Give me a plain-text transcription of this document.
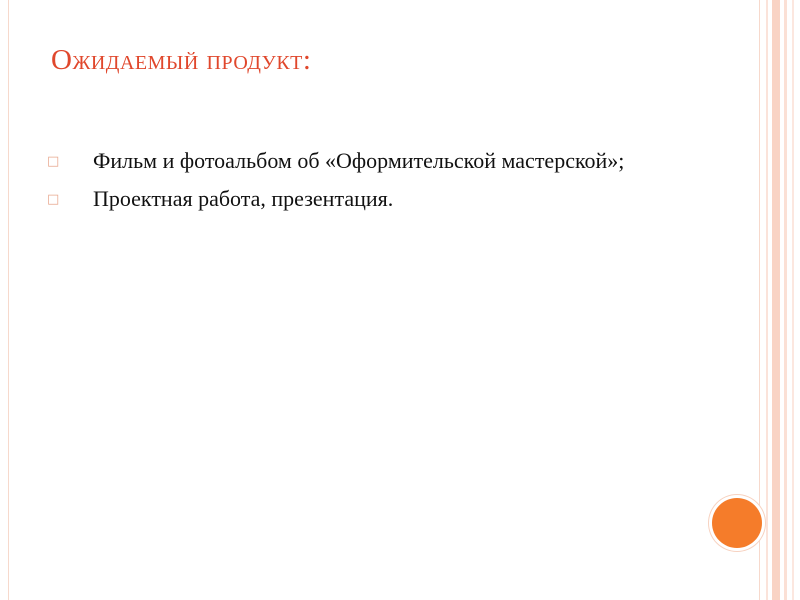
Ожидаемый продукт:
□	Фильм и фотоальбом об «Оформительской мастерской»;
□	Проектная работа, презентация.
